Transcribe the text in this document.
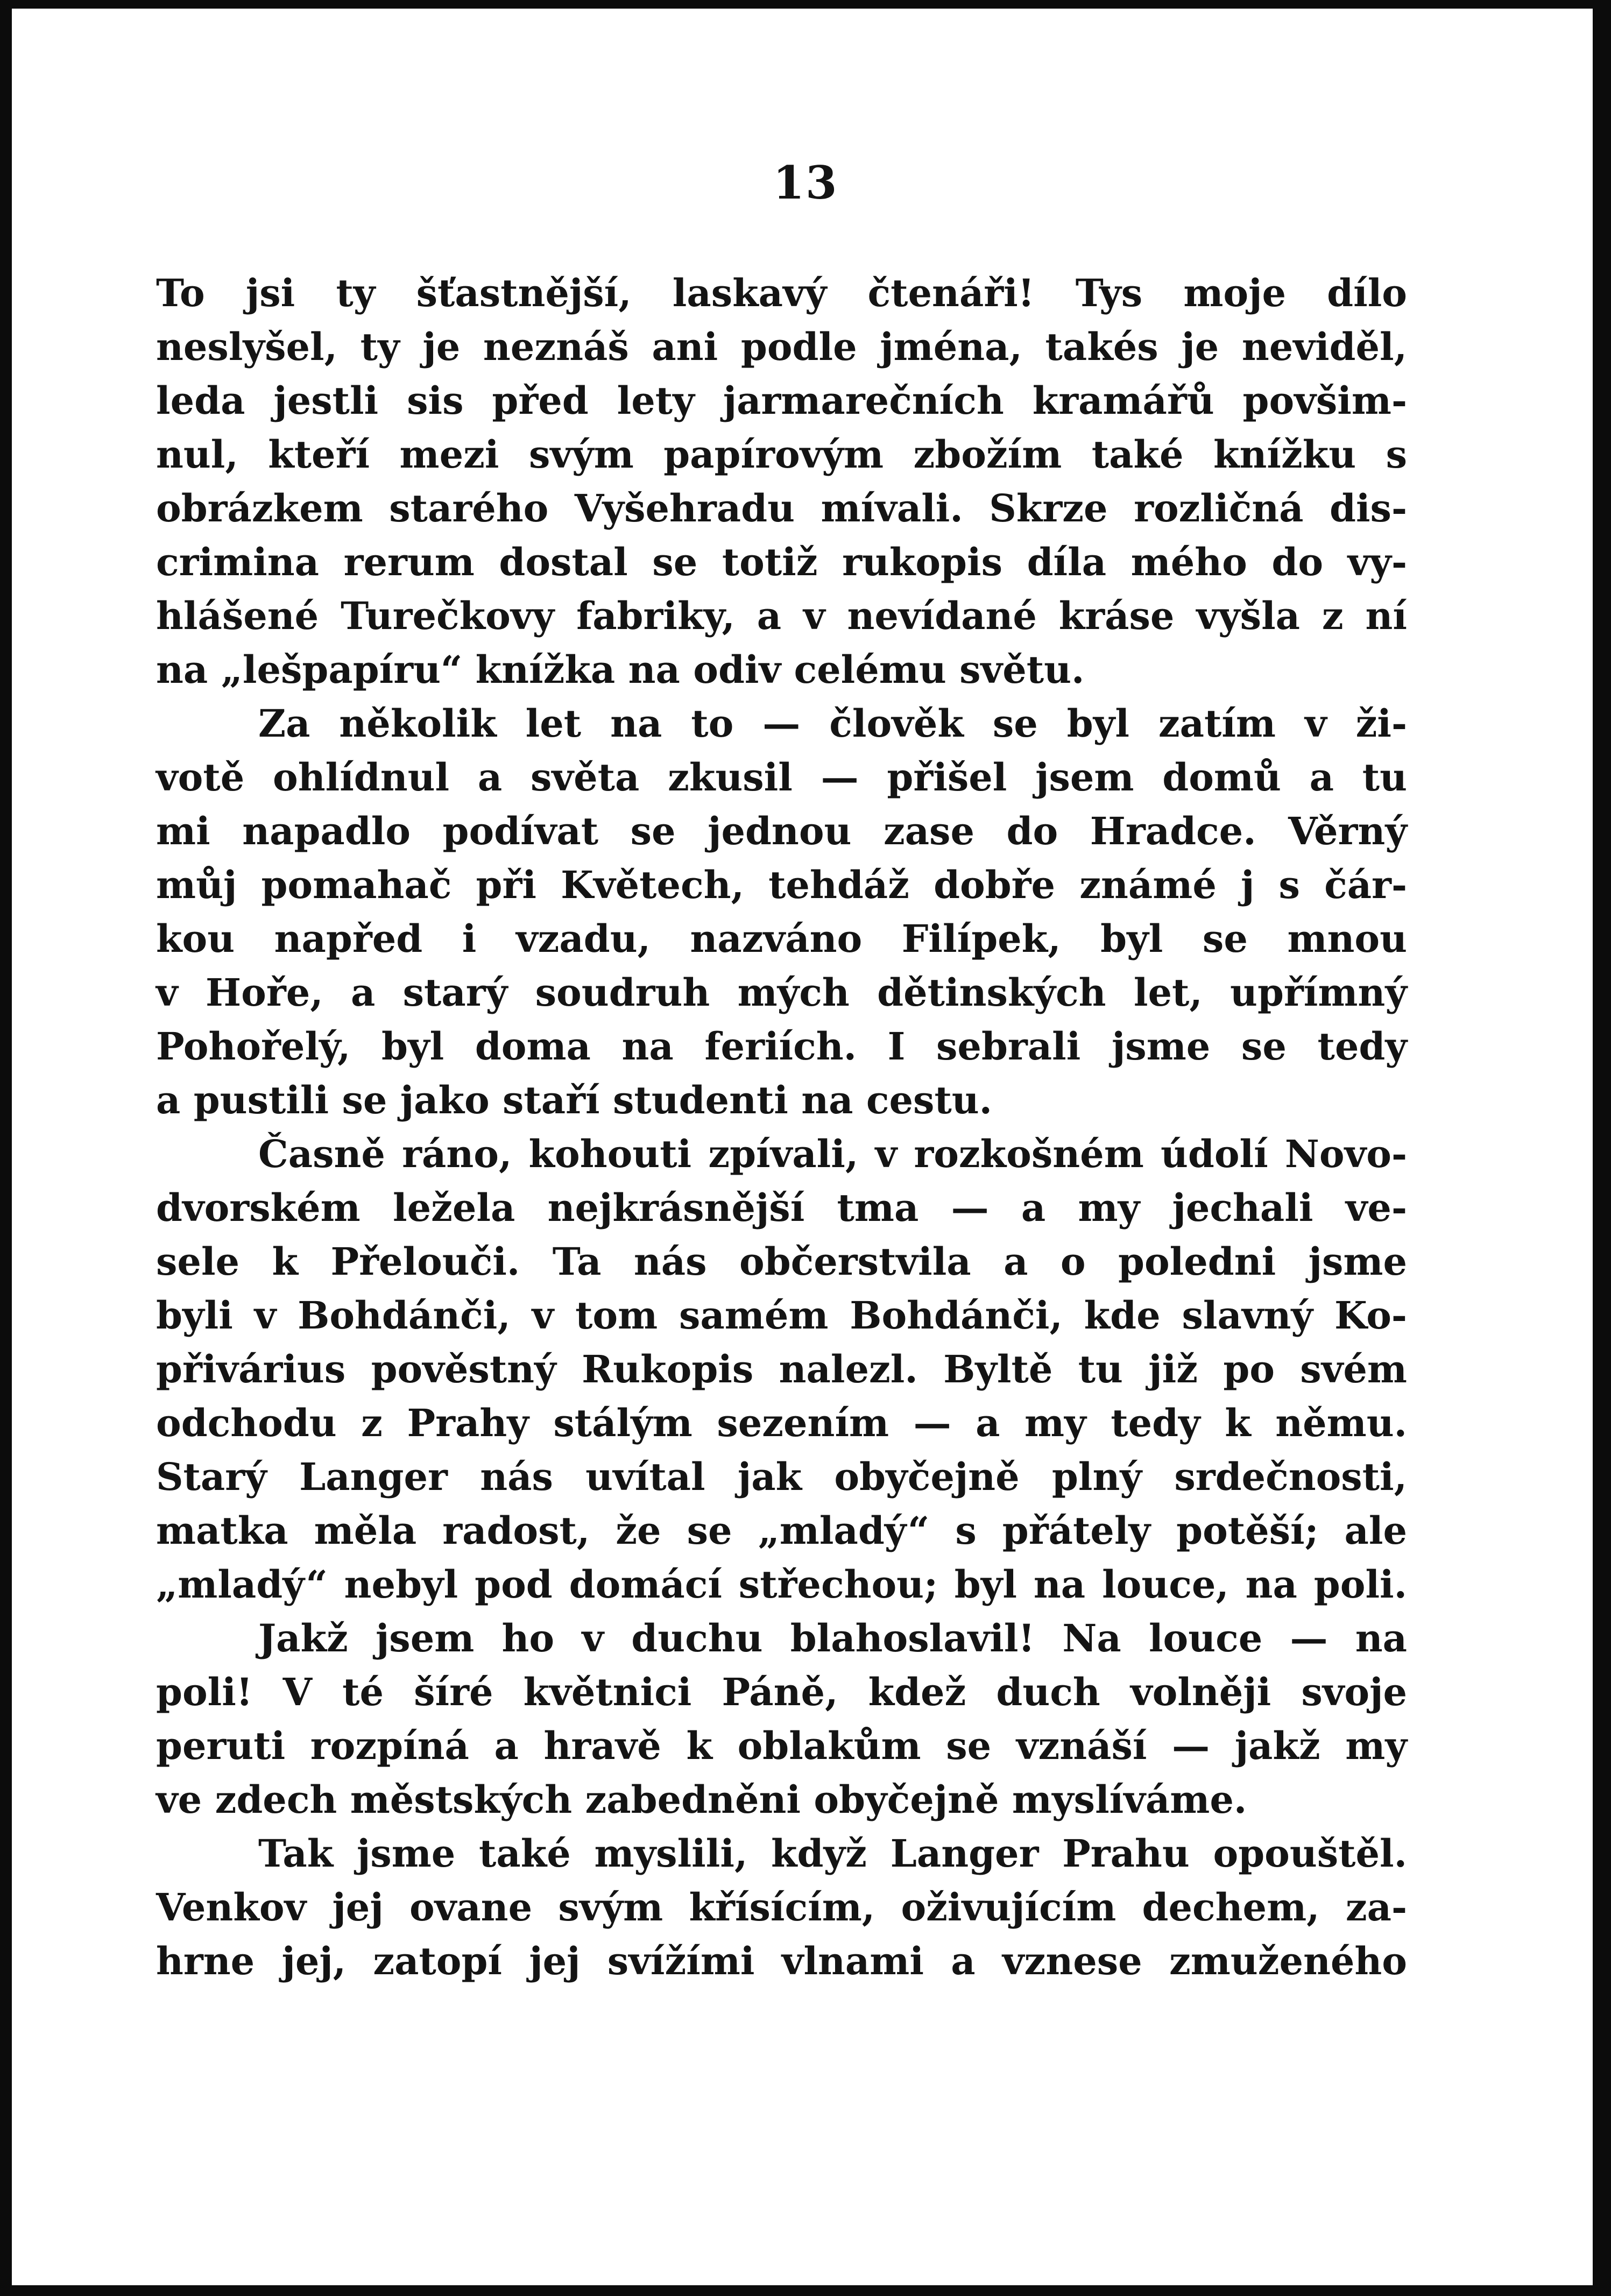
13
To jsi ty šťastnější, laskavý čtenáři! Tys moje dílo
neslyšel, ty je neznáš ani podle jména, takés je neviděl,
leda jestli sis před lety jarmarečních kramářů povšim-
nul, kteří mezi svým papírovým zbožím také knížku s
obrázkem starého Vyšehradu mívali. Skrze rozličná dis-
crimina rerum dostal se totiž rukopis díla mého do vy-
hlášené Turečkovy fabriky, a v nevídané kráse vyšla z ní
na „lešpapíru“ knížka na odiv celému světu.
Za několik let na to — člověk se byl zatím v ži-
votě ohlídnul a světa zkusil — přišel jsem domů a tu
mi napadlo podívat se jednou zase do Hradce. Věrný
můj pomahač při Květech, tehdáž dobře známé j s čár-
kou napřed i vzadu, nazváno Filípek, byl se mnou
v Hoře, a starý soudruh mých dětinských let, upřímný
Pohořelý, byl doma na feriích. I sebrali jsme se tedy
a pustili se jako staří studenti na cestu.
Časně ráno, kohouti zpívali, v rozkošném údolí Novo-
dvorském ležela nejkrásnější tma — a my jechali ve-
sele k Přelouči. Ta nás občerstvila a o poledni jsme
byli v Bohdánči, v tom samém Bohdánči, kde slavný Ko-
přivárius pověstný Rukopis nalezl. Byltě tu již po svém
odchodu z Prahy stálým sezením — a my tedy k němu.
Starý Langer nás uvítal jak obyčejně plný srdečnosti,
matka měla radost, že se „mladý“ s přátely potěší; ale
„mladý“ nebyl pod domácí střechou; byl na louce, na poli.
Jakž jsem ho v duchu blahoslavil! Na louce — na
poli! V té šíré květnici Páně, kdež duch volněji svoje
peruti rozpíná a hravě k oblakům se vznáší — jakž my
ve zdech městských zabedněni obyčejně myslíváme.
Tak jsme také myslili, když Langer Prahu opouštěl.
Venkov jej ovane svým křísícím, oživujícím dechem, za-
hrne jej, zatopí jej svížími vlnami a vznese zmuženého
